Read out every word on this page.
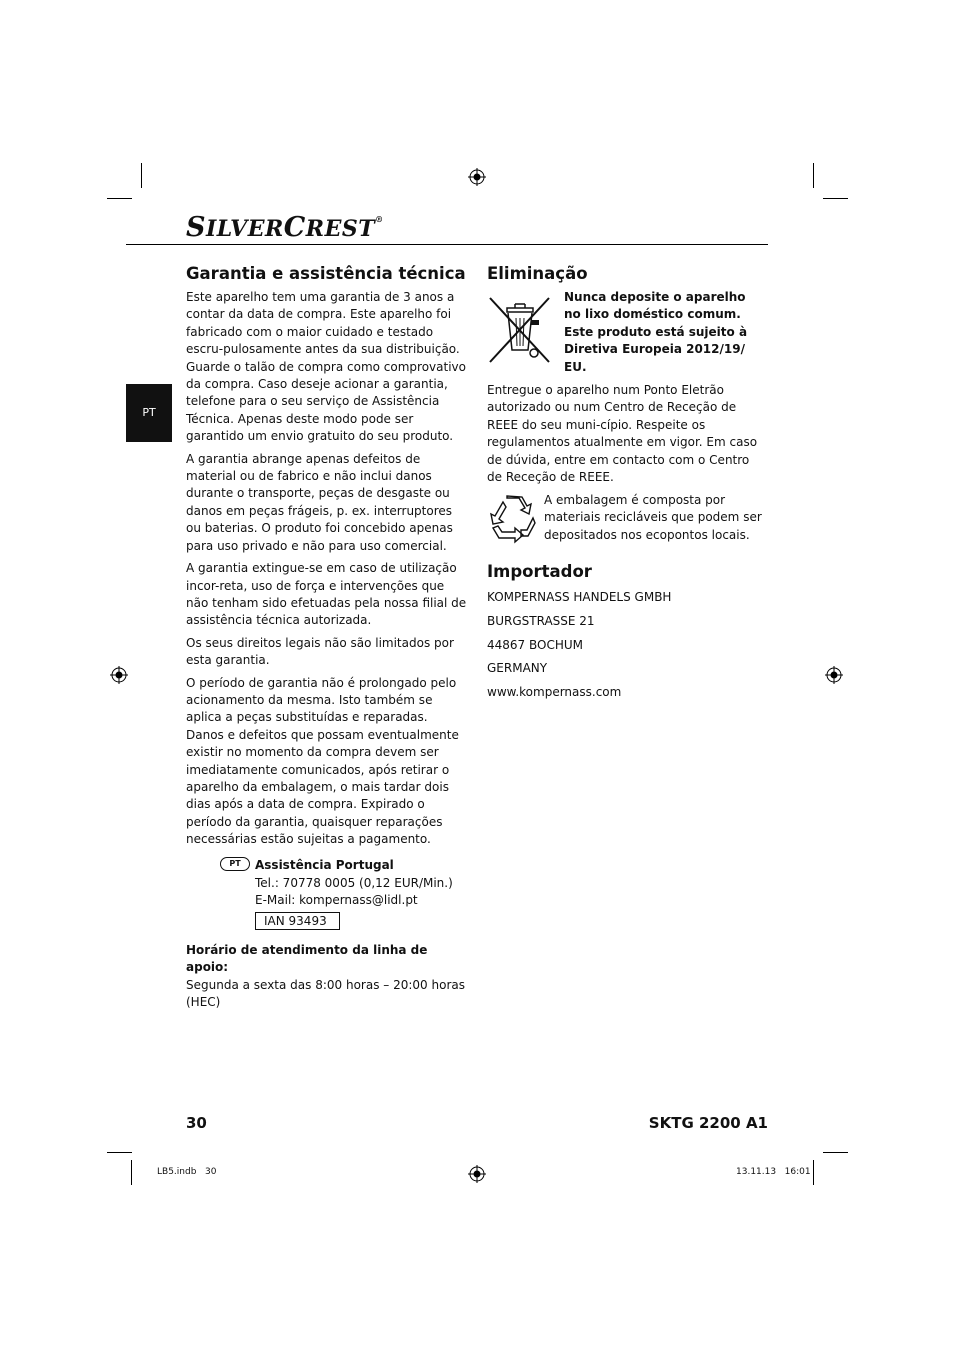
SILVERCREST®
PT
Garantia e assistência técnica

Este aparelho tem uma garantia de 3 anos a contar da data de compra. Este aparelho foi fabricado com o maior cuidado e testado escru-pulosamente antes da sua distribuição. Guarde o talão de compra como comprovativo da compra. Caso deseje acionar a garantia, telefone para o seu serviço de Assistência Técnica. Apenas deste modo pode ser garantido um envio gratuito do seu produto.

A garantia abrange apenas defeitos de material ou de fabrico e não inclui danos durante o transporte, peças de desgaste ou danos em peças frágeis, p. ex. interruptores ou baterias. O produto foi concebido apenas para uso privado e não para uso comercial.

A garantia extingue-se em caso de utilização incor-reta, uso de força e intervenções que não tenham sido efetuadas pela nossa filial de assistência técnica autorizada.

Os seus direitos legais não são limitados por esta garantia.

O período de garantia não é prolongado pelo acionamento da mesma. Isto também se aplica a peças substituídas e reparadas. Danos e defeitos que possam eventualmente existir no momento da compra devem ser imediatamente comunicados, após retirar o aparelho da embalagem, o mais tardar dois dias após a data de compra. Expirado o período da garantia, quaisquer reparações necessárias estão sujeitas a pagamento.

PT	Assistência Portugal
Tel.: 70778 0005 (0,12 EUR/Min.)
E-Mail: kompernass@lidl.pt
IAN 93493
Horário de atendimento da linha de apoio:
Segunda a sexta das 8:00 horas – 20:00 horas (HEC)
Eliminação
Nunca deposite o aparelho no lixo doméstico comum. Este produto está sujeito à Diretiva Europeia 2012/19/ EU.
Entregue o aparelho num Ponto Eletrão autorizado ou num Centro de Receção de REEE do seu muni-cípio. Respeite os regulamentos atualmente em vigor. Em caso de dúvida, entre em contacto com o Centro de Receção de REEE.
A embalagem é composta por materiais recicláveis que podem ser depositados nos ecopontos locais.
Importador
KOMPERNASS HANDELS GMBH
BURGSTRASSE 21
44867 BOCHUM
GERMANY
www.kompernass.com
30	SKTG 2200 A1
LB5.indb   30	13.11.13   16:01
